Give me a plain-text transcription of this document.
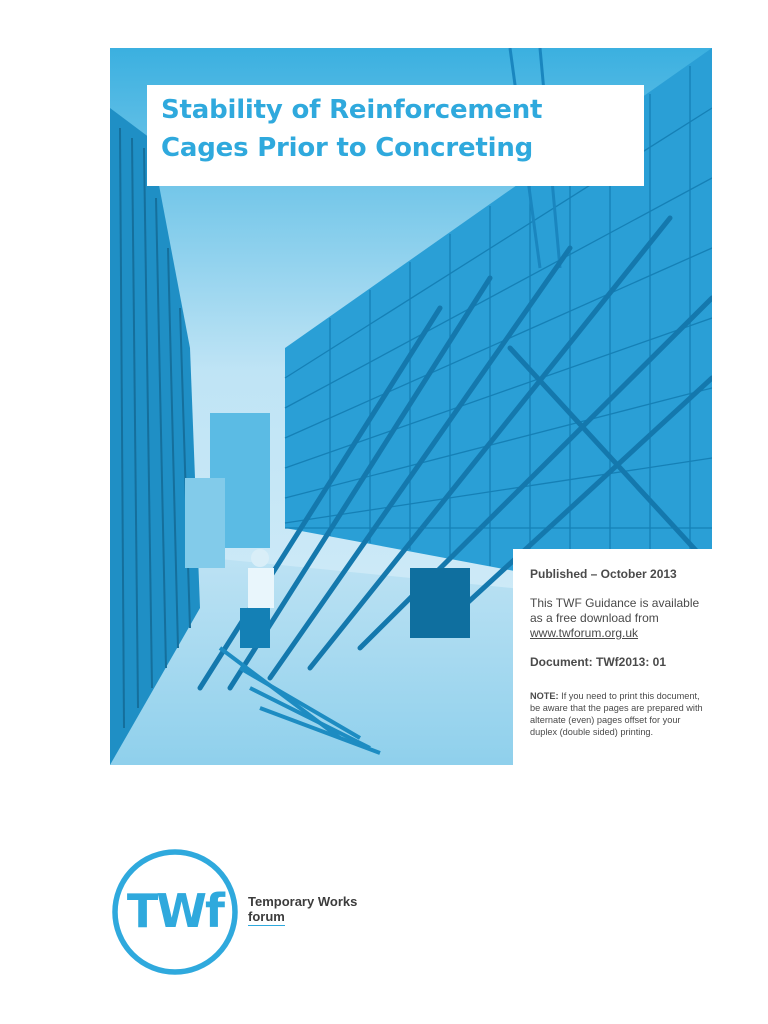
Stability of Reinforcement
Cages Prior to Concreting
Published – October 2013
This TWF Guidance is available as a free download from
www.twforum.org.uk
Document: TWf2013: 01
NOTE: If you need to print this document, be aware that the pages are prepared with alternate (even) pages offset for your duplex (double sided) printing.
TWf Temporary Works
forum
